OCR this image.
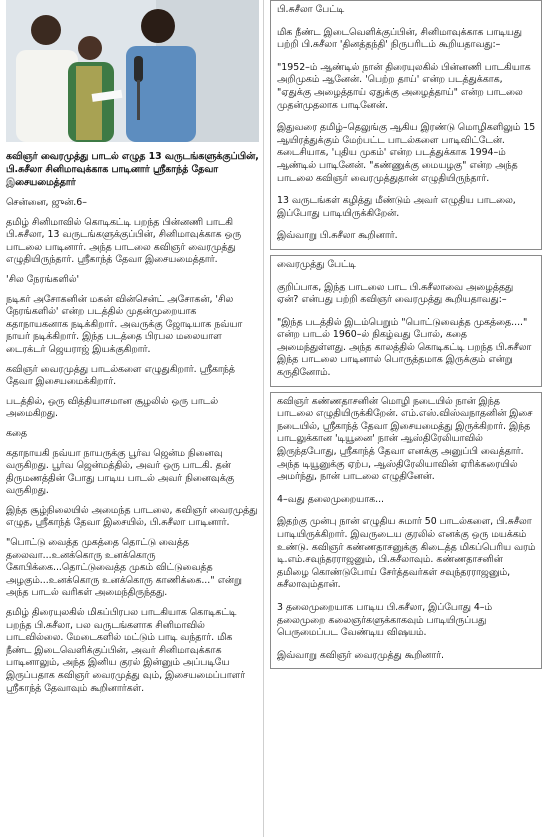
கவிஞர் வைரமுத்து பாடல் எழுத 13 வருடங்களுக்குப்பின், பி.சுசீலா சினிமாவுக்காக பாடினார் ஸ்ரீகாந்த் தேவா இசையமைத்தார்

சென்னை, ஜுன்.6–

தமிழ் சினிமாவில் கொடிகட்டி பறந்த பின்னணி பாடகி பி.சுசீலா, 13 வருடங்களுக்குப்பின், சினிமாவுக்காக ஒரு பாடலை பாடினார். அந்த பாடலை கவிஞர் வைரமுத்து எழுதியிருந்தார். ஸ்ரீகாந்த் தேவா இசையமைத்தார்.

'சில நேரங்களில்'

நடிகர் அசோகனின் மகன் வின்சென்ட் அசோகன், 'சில நேரங்களில்' என்ற படத்தில் முதன்முறையாக கதாநாயகனாக நடிக்கிறார். அவருக்கு ஜோடியாக நவ்யா நாயர் நடிக்கிறார். இந்த படத்தை பிரபல மலையாள டைரக்டர் ஜெயராஜ் இயக்குகிறார்.

கவிஞர் வைரமுத்து பாடல்களை எழுதுகிறார். ஸ்ரீகாந்த் தேவா இசையமைக்கிறார்.

படத்தில், ஒரு வித்தியாசமான சூழலில் ஒரு பாடல் அமைகிறது.

கதை

கதாநாயகி நவ்யா நாயருக்கு பூர்வ ஜென்ம நினைவு வருகிறது. பூர்வ ஜென்மத்தில், அவர் ஒரு பாடகி. தன் திருமணத்தின் போது பாடிய பாடல் அவர் நினைவுக்கு வருகிறது.

இந்த சூழ்நிலையில் அமைந்த பாடலை, கவிஞர் வைரமுத்து எழுத, ஸ்ரீகாந்த் தேவா இசையில், பி.சுசீலா பாடினார்.

"பொட்டு வைத்த முகத்தை தொட்டு வைத்த தலைவா...உனக்கொரு உனக்கொரு கோபிக்கை...தொட்டுவைத்த முகம் விட்டுவைத்த அழகும்...உனக்கொரு உனக்கொரு காணிக்கை..." என்று அந்த பாடல் வரிகள் அமைந்திருந்தது.

தமிழ் திரையுலகில் மிகப்பிரபல பாடகியாக கொடிகட்டி பறந்த பி.சுசீலா, பல வருடங்களாக சினிமாவில் பாடவில்லை. மேடைகளில் மட்டும் பாடி வந்தார். மிக நீண்ட இடைவெளிக்குப்பின், அவர் சினிமாவுக்காக பாடினாலும், அந்த இனிய குரல் இன்னும் அப்படியே இருப்பதாக கவிஞர் வைரமுத்து வும், இசையமைப்பாளர் ஸ்ரீகாந்த் தேவாவும் கூறினார்கள்.

பி.சுசீலா பேட்டி

மிக நீண்ட இடைவெளிக்குப்பின், சினிமாவுக்காக பாடியது பற்றி பி.சுசீலா 'தினத்தந்தி' நிருபரிடம் கூறியதாவது:–

"1952–ம் ஆண்டில் நான் திரையுலகில் பின்னணி பாடகியாக அறிமுகம் ஆனேன். 'பெற்ற தாய்' என்ற படத்துக்காக, "ஏதுக்கு அழைத்தாய் ஏதுக்கு அழைத்தாய்" என்ற பாடலை முதன்முதலாக பாடினேன்.

இதுவரை தமிழ்–தெலுங்கு ஆகிய இரண்டு மொழிகளிலும் 15 ஆயிரத்துக்கும் மேற்பட்ட பாடல்களை பாடிவிட்டேன். கடைசியாக, 'புதிய முகம்' என்ற படத்துக்காக 1994–ம் ஆண்டில் பாடினேன். "கண்ணுக்கு மையழகு" என்ற அந்த பாடலை கவிஞர் வைரமுத்துதான் எழுதியிருந்தார்.

13 வருடங்கள் கழித்து மீண்டும் அவர் எழுதிய பாடலை, இப்போது பாடியிருக்கிறேன்.

இவ்வாறு பி.சுசீலா கூறினார்.

வைரமுத்து பேட்டி

குறிப்பாக, இந்த பாடலை பாட பி.சுசீலாவை அழைத்தது ஏன்? என்பது பற்றி கவிஞர் வைரமுத்து கூறியதாவது:–

"இந்த படத்தில் இடம்பெறும் "பொட்டுவைத்த முகத்தை...." என்ற பாடல் 1960–ல் நிகழ்வது போல், கதை அமைந்துள்ளது. அந்த காலத்தில் கொடிகட்டி பறந்த பி.சுசீலா இந்த பாடலை பாடினால் பொருத்தமாக இருக்கும் என்று கருதினோம்.

கவிஞர் கண்ணதாசனின் மொழி நடையில் நான் இந்த பாடலை எழுதியிருக்கிறேன். எம்.எஸ்.விஸ்வநாதனின் இசை நடையில், ஸ்ரீகாந்த் தேவா இசையமைத்து இருக்கிறார். இந்த பாடலுக்கான 'டியூனை' நான் ஆஸ்திரேலியாவில் இருந்தபோது, ஸ்ரீகாந்த் தேவா எனக்கு அனுப்பி வைத்தார். அந்த டியூனுக்கு ஏற்ப, ஆஸ்திரேலியாவின் ஏரிக்கரையில் அமர்ந்து, நான் பாடலை எழுதினேன்.

4–வது தலைமுறையாக...

இதற்கு முன்பு நான் எழுதிய சுமார் 50 பாடல்களை, பி.சுசீலா பாடியிருக்கிறார். இவருடைய குரலில் எனக்கு ஒரு மயக்கம் உண்டு. கவிஞர் கண்ணதாசனுக்கு கிடைத்த மிகப்பெரிய வரம் டி.எம்.சவுந்தரராஜனும், பி.சுசீலாவும். கண்ணதாசனின் தமிழை கொண்டுபோய் சேர்த்தவர்கள் சவுந்தரராஜனும், சுசீலாவும்தான்.

3 தலைமுறையாக பாடிய பி.சுசீலா, இப்போது 4–ம் தலைமுறை கலைஞர்களுக்காகவும் பாடியிருப்பது பெருமைப்பட வேண்டிய விஷயம்.

இவ்வாறு கவிஞர் வைரமுத்து கூறினார்.
